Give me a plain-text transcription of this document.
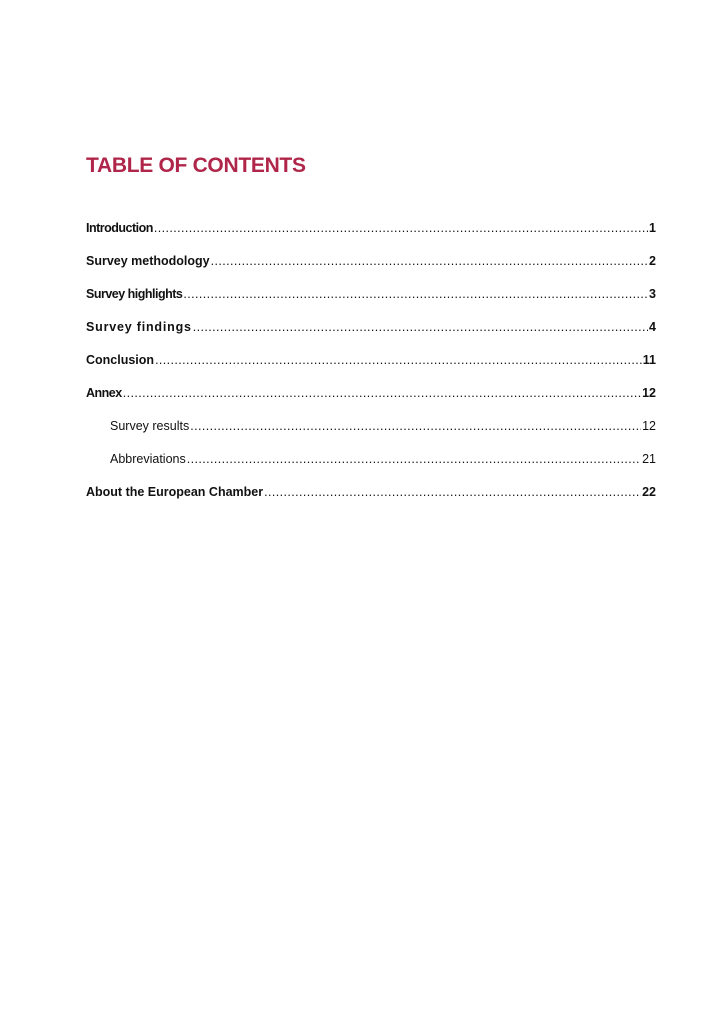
TABLE OF CONTENTS
Introduction .....	1
Survey methodology .....	2
Survey highlights .....	3
Survey findings .....	4
Conclusion .....	11
Annex .....	12
Survey results .....	12
Abbreviations .....	21
About the European Chamber .....	22
